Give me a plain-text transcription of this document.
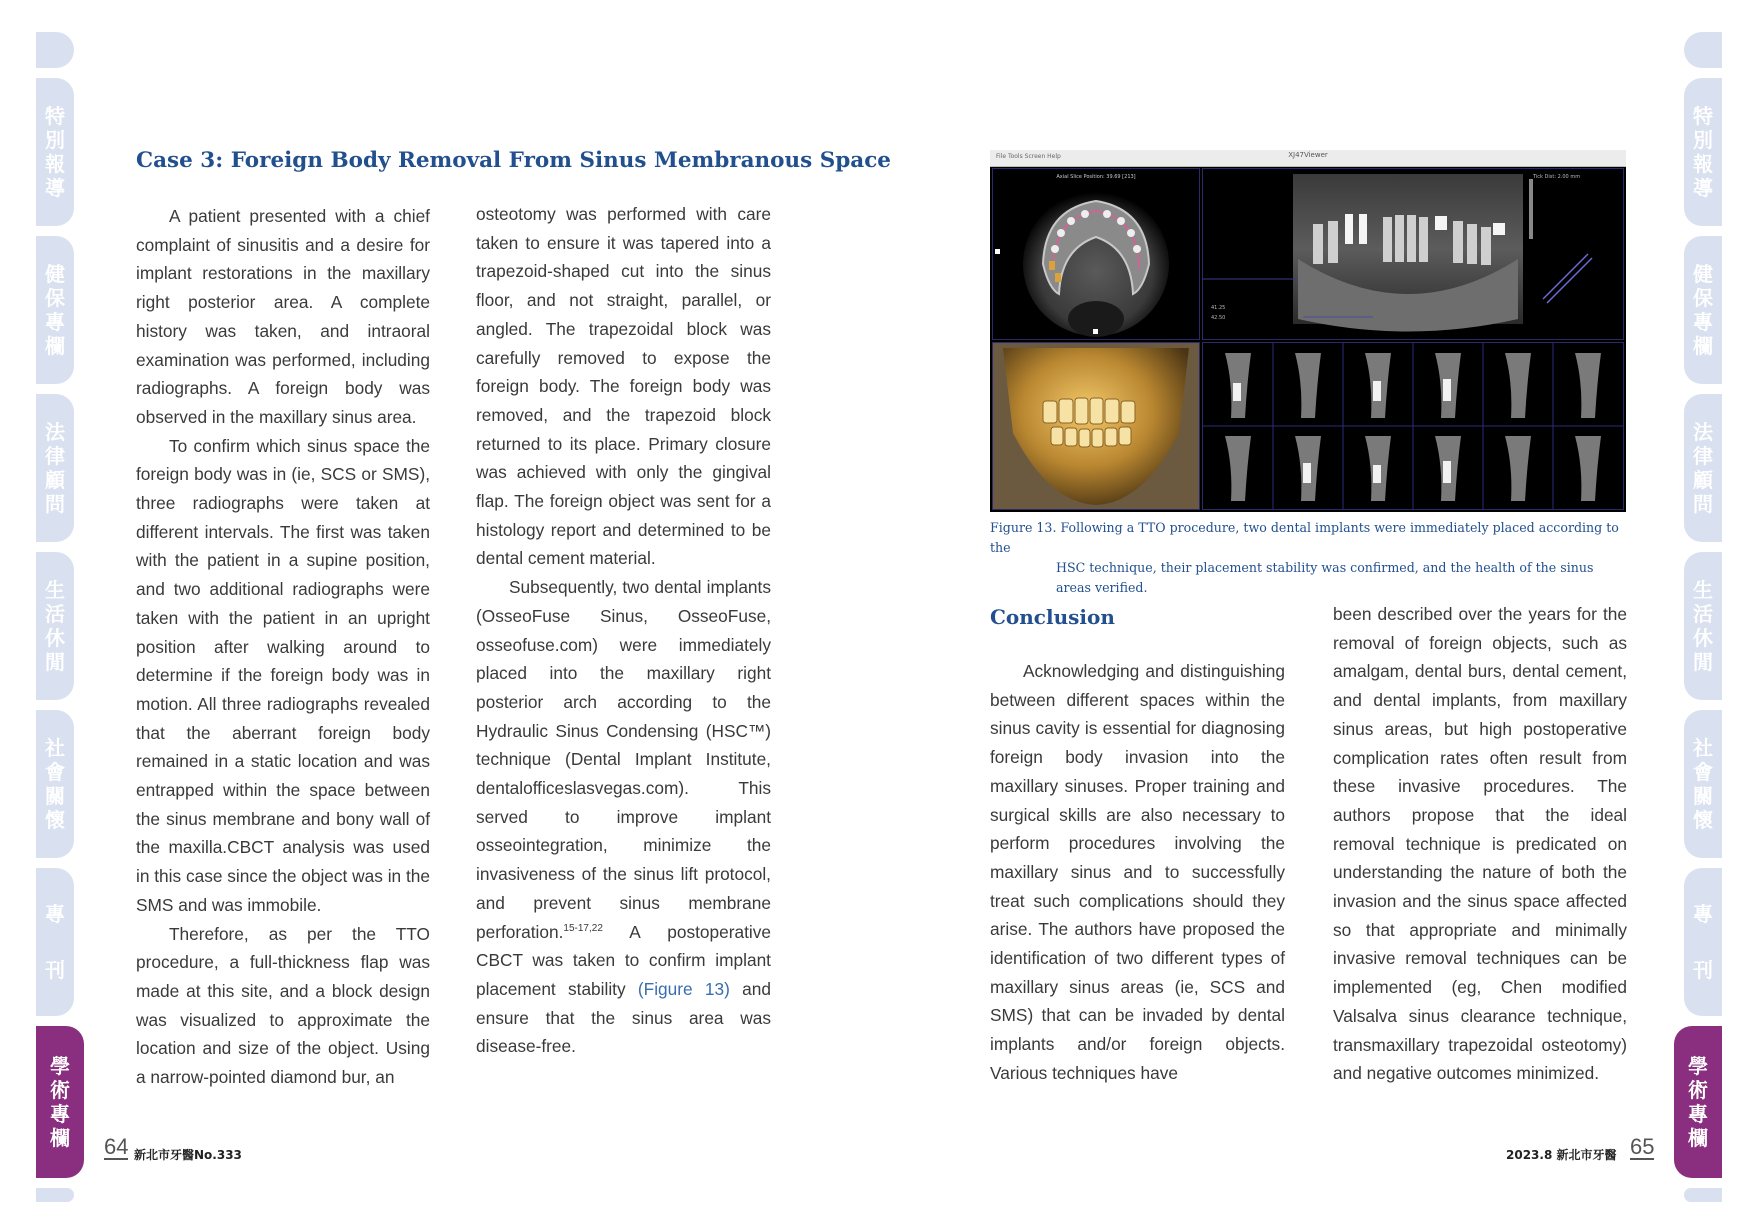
特別報導
健保專欄
法律顧問
生活休閒
社會關懷
專刊
學術專欄
特別報導
健保專欄
法律顧問
生活休閒
社會關懷
專刊
學術專欄
Case 3: Foreign Body Removal From Sinus Membranous Space

A patient presented with a chief complaint of sinusitis and a desire for implant restorations in the maxillary right posterior area. A complete history was taken, and intraoral examination was performed, including radiographs. A foreign body was observed in the maxillary sinus area.

To confirm which sinus space the foreign body was in (ie, SCS or SMS), three radiographs were taken at different intervals. The first was taken with the patient in a supine position, and two additional radiographs were taken with the patient in an upright position after walking around to determine if the foreign body was in motion. All three radiographs revealed that the aberrant foreign body remained in a static location and was entrapped within the space between the sinus membrane and bony wall of the maxilla.CBCT analysis was used in this case since the object was in the SMS and was immobile.

Therefore, as per the TTO procedure, a full-thickness flap was made at this site, and a block design was visualized to approximate the location and size of the object. Using a narrow-pointed diamond bur, an

osteotomy was performed with care taken to ensure it was tapered into a trapezoid-shaped cut into the sinus floor, and not straight, parallel, or angled. The trapezoidal block was carefully removed to expose the foreign body. The foreign body was removed, and the trapezoid block returned to its place. Primary closure was achieved with only the gingival flap. The foreign object was sent for a histology report and determined to be dental cement material.

Subsequently, two dental implants (OsseoFuse Sinus, OsseoFuse, osseofuse.com) were immediately placed into the maxillary right posterior arch according to the Hydraulic Sinus Condensing (HSC™) technique (Dental Implant Institute, dentalofficeslasvegas.com). This served to improve implant osseointegration, minimize the invasiveness of the sinus lift protocol, and prevent sinus membrane perforation.$^{15-17,22}$ A postoperative CBCT was taken to confirm implant placement stability (Figure 13) and ensure that the sinus area was disease-free.

64 新北市牙醫No.333
File Tools Screen Help	XJ47Viewer
Axial Slice Position: 39.69 [213]	Tick Dist: 2.00 mm
41.25
42.50
Figure 13. Following a TTO procedure, two dental implants were immediately placed according to the
HSC technique, their placement stability was confirmed, and the health of the sinus areas verified.
Conclusion

Acknowledging and distinguishing between different spaces within the sinus cavity is essential for diagnosing foreign body invasion into the maxillary sinuses. Proper training and surgical skills are also necessary to perform procedures involving the maxillary sinus and to successfully treat such complications should they arise. The authors have proposed the identification of two different types of maxillary sinus areas (ie, SCS and SMS) that can be invaded by dental implants and/or foreign objects. Various techniques have

been described over the years for the removal of foreign objects, such as amalgam, dental burs, dental cement, and dental implants, from maxillary sinus areas, but high postoperative complication rates often result from these invasive procedures. The authors propose that the ideal removal technique is predicated on understanding the nature of both the invasion and the sinus space affected so that appropriate and minimally invasive removal techniques can be implemented (eg, Chen modified Valsalva sinus clearance technique, transmaxillary trapezoidal osteotomy) and negative outcomes minimized.

2023.8 新北市牙醫 65
